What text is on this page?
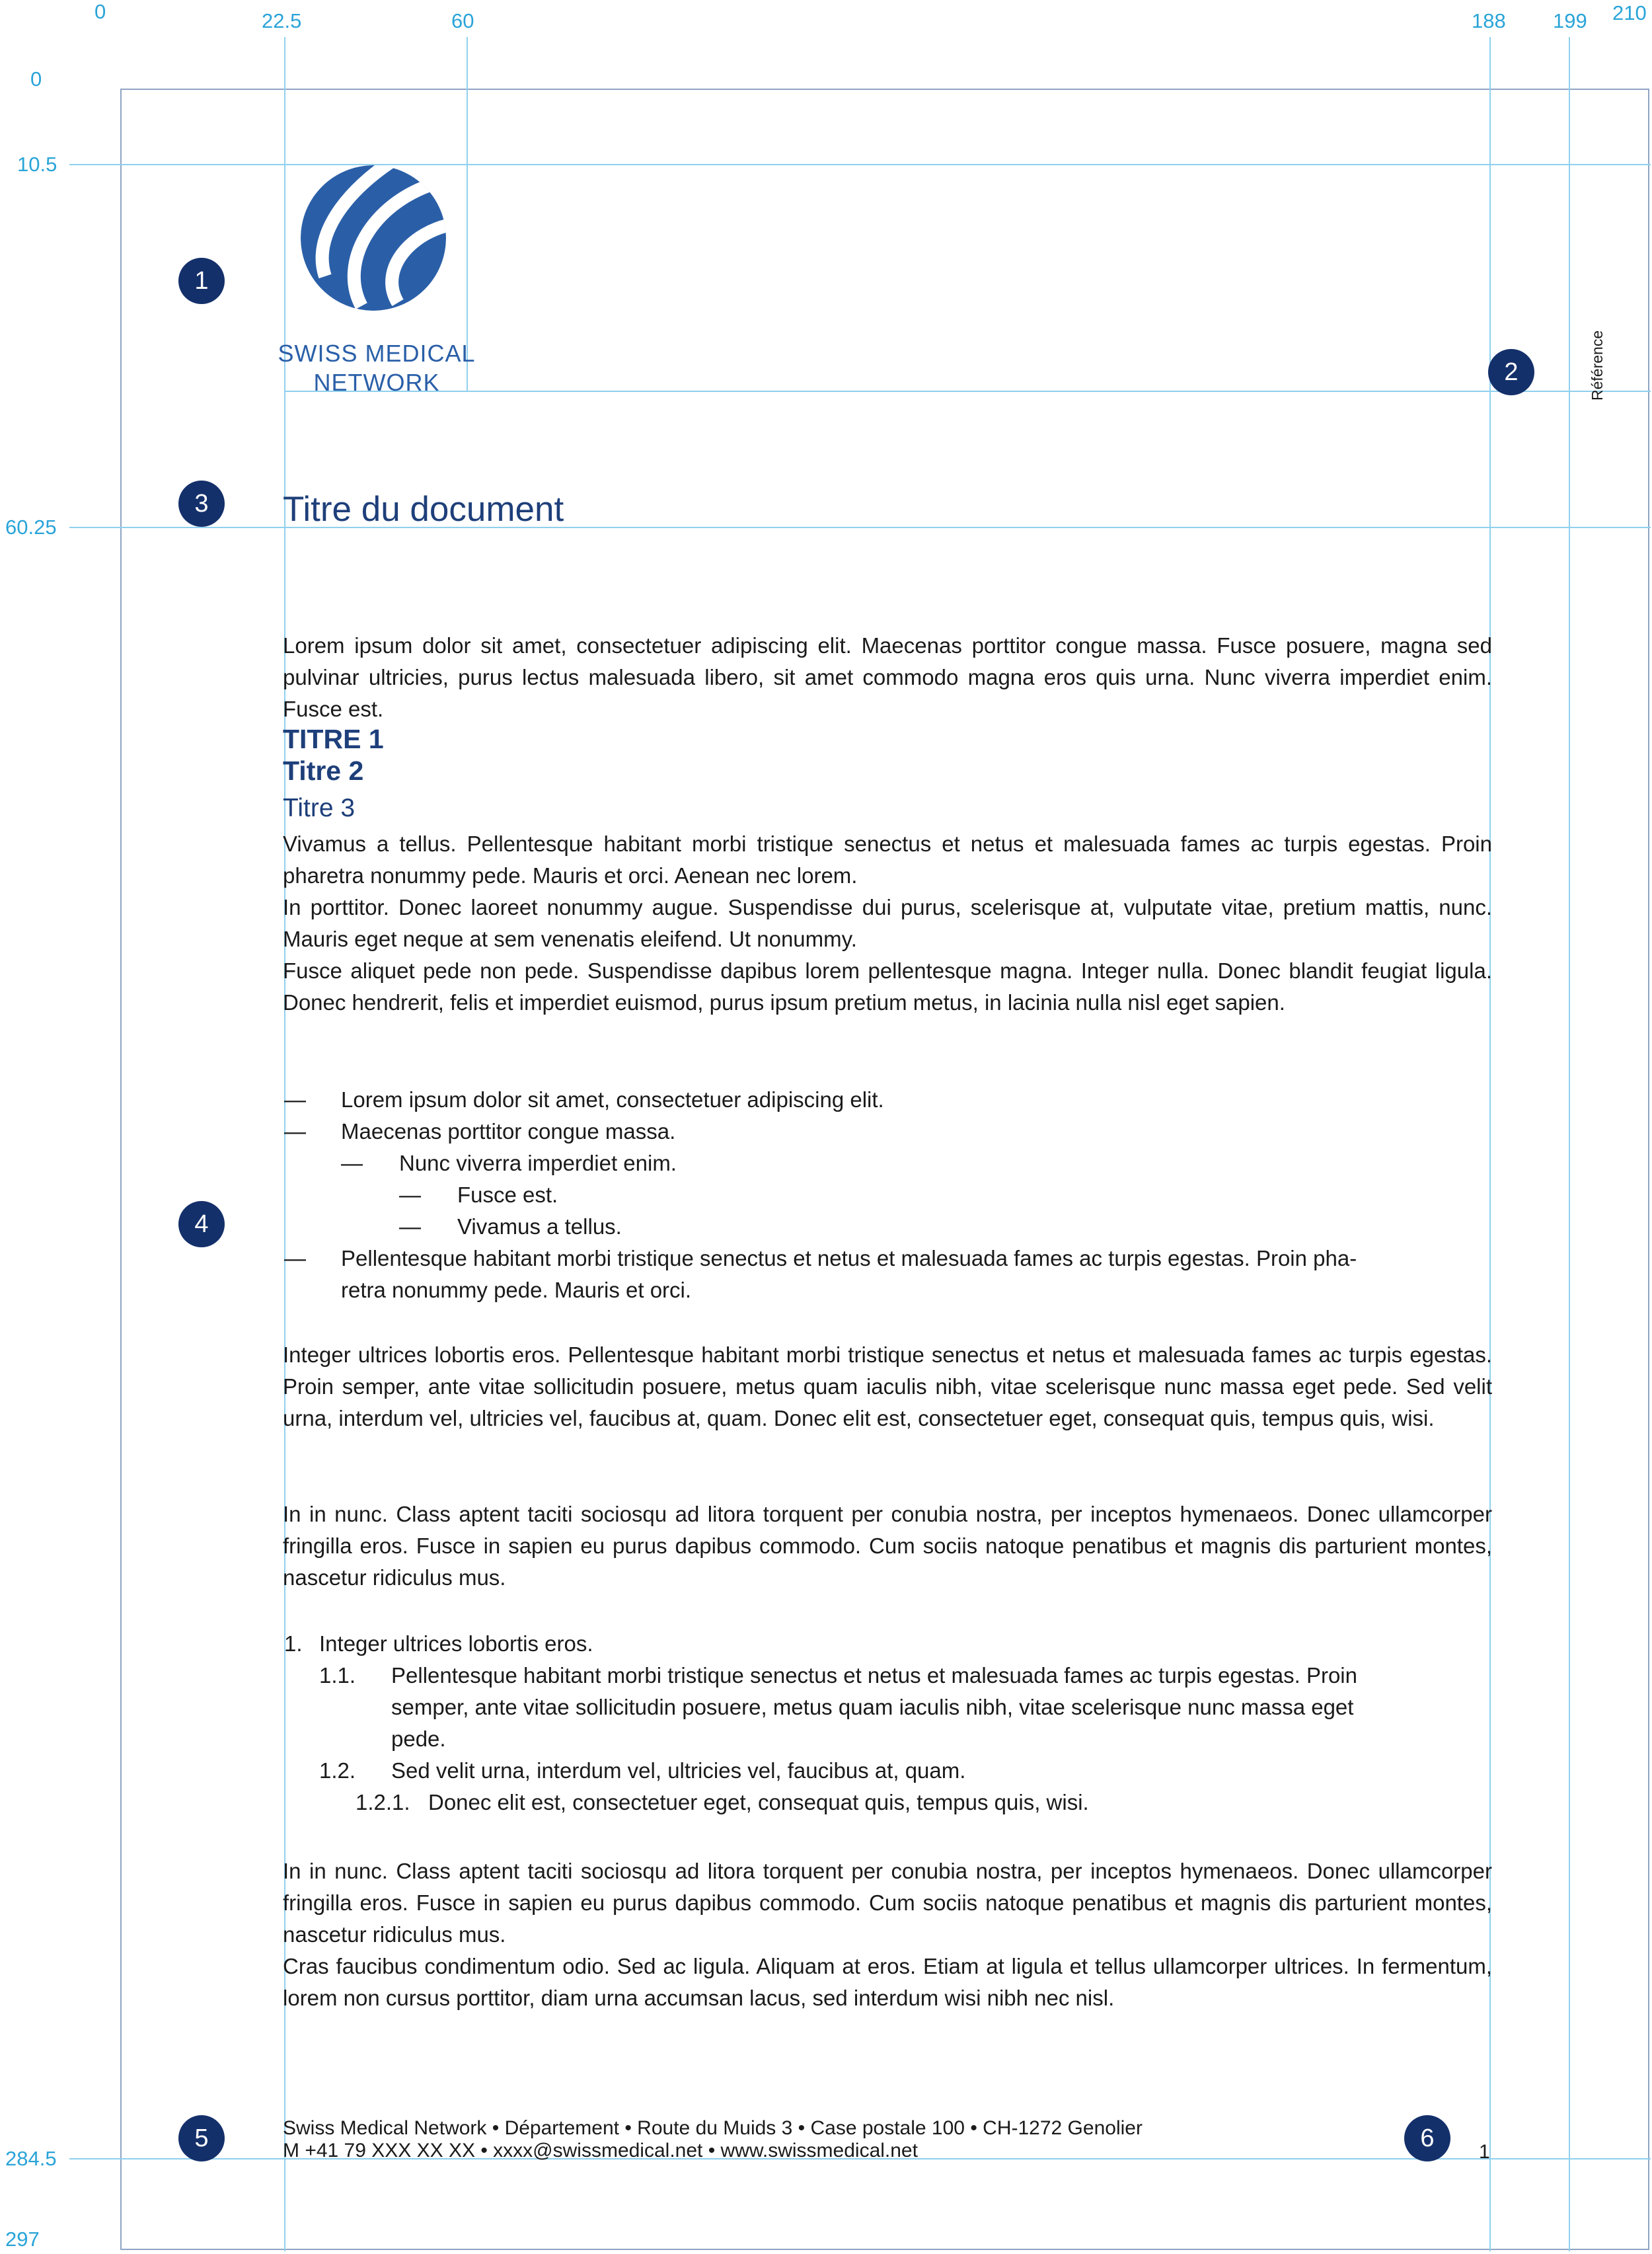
0	22.5	60	188 199 210
0
10.5
60.25
284.5
297
SWISS MEDICAL
NETWORK	Référence
1
2
3
4
5	6
Titre du document
Lorem ipsum dolor sit amet, consectetuer adipiscing elit. Maecenas porttitor congue massa. Fusce posuere, magna sed pulvinar ultricies, purus lectus malesuada libero, sit amet commodo magna eros quis urna. Nunc viverra imperdiet enim. Fusce est.
TITRE 1
Titre 2
Titre 3

Vivamus a tellus. Pellentesque habitant morbi tristique senectus et netus et malesuada fames ac turpis egestas. Proin pharetra nonummy pede. Mauris et orci. Aenean nec lorem.

In porttitor. Donec laoreet nonummy augue. Suspendisse dui purus, scelerisque at, vulputate vitae, pretium mattis, nunc. Mauris eget neque at sem venenatis eleifend. Ut nonummy.

Fusce aliquet pede non pede. Suspendisse dapibus lorem pellentesque magna. Integer nulla. Donec blandit feugiat ligula. Donec hendrerit, felis et imperdiet euismod, purus ipsum pretium metus, in lacinia nulla nisl eget sapien.

— Lorem ipsum dolor sit amet, consectetuer adipiscing elit.
— Maecenas porttitor congue massa.
— Nunc viverra imperdiet enim.
— Fusce est.
— Vivamus a tellus.
— Pellentesque habitant morbi tristique senectus et netus et malesuada fames ac turpis egestas. Proin pha-
retra nonummy pede. Mauris et orci.
Integer ultrices lobortis eros. Pellentesque habitant morbi tristique senectus et netus et malesuada fames ac turpis egestas. Proin semper, ante vitae sollicitudin posuere, metus quam iaculis nibh, vitae scelerisque nunc massa eget pede. Sed velit urna, interdum vel, ultricies vel, faucibus at, quam. Donec elit est, consectetuer eget, consequat quis, tempus quis, wisi.
In in nunc. Class aptent taciti sociosqu ad litora torquent per conubia nostra, per inceptos hymenaeos. Donec ullamcorper fringilla eros. Fusce in sapien eu purus dapibus commodo. Cum sociis natoque penatibus et magnis dis parturient montes, nascetur ridiculus mus.
1. Integer ultrices lobortis eros.
1.1. Pellentesque habitant morbi tristique senectus et netus et malesuada fames ac turpis egestas. Proin
semper, ante vitae sollicitudin posuere, metus quam iaculis nibh, vitae scelerisque nunc massa eget
pede.
1.2. Sed velit urna, interdum vel, ultricies vel, faucibus at, quam.
1.2.1. Donec elit est, consectetuer eget, consequat quis, tempus quis, wisi.

In in nunc. Class aptent taciti sociosqu ad litora torquent per conubia nostra, per inceptos hymenaeos. Donec ullamcorper fringilla eros. Fusce in sapien eu purus dapibus commodo. Cum sociis natoque penatibus et magnis dis parturient montes, nascetur ridiculus mus.

Cras faucibus condimentum odio. Sed ac ligula. Aliquam at eros. Etiam at ligula et tellus ullamcorper ultrices. In fermentum, lorem non cursus porttitor, diam urna accumsan lacus, sed interdum wisi nibh nec nisl.

Swiss Medical Network • Département • Route du Muids 3 • Case postale 100 • CH-1272 Genolier
M +41 79 XXX XX XX • xxxx@swissmedical.net • www.swissmedical.net	1
